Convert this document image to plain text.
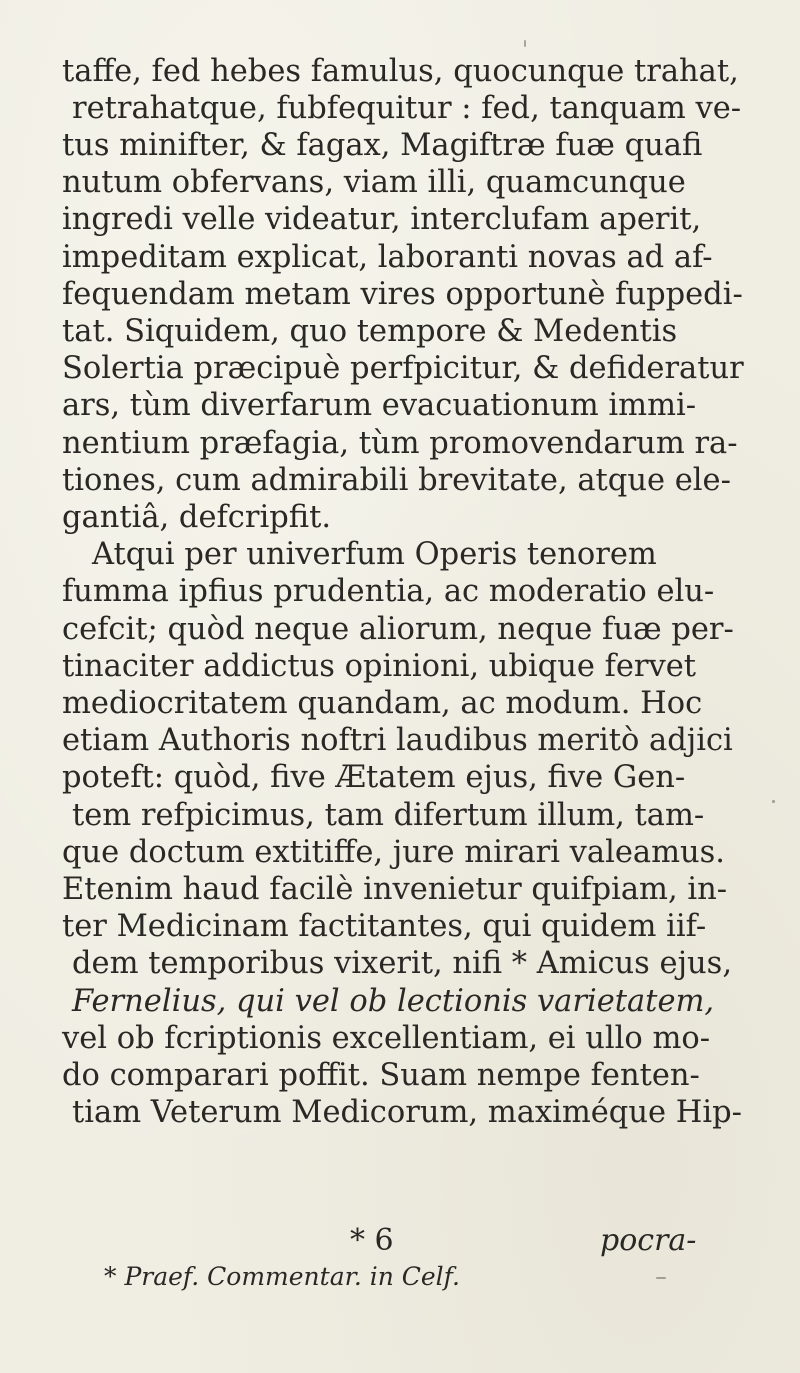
taffe, fed hebes famulus, quocunque trahat,
retrahatque, fubfequitur : fed, tanquam ve-
tus minifter, & fagax, Magiftræ fuæ quafi
nutum obfervans, viam illi, quamcunque
ingredi velle videatur, interclufam aperit,
impeditam explicat, laboranti novas ad af-
fequendam metam vires opportunè fuppedi-
tat. Siquidem, quo tempore & Medentis
Solertia præcipuè perfpicitur, & defideratur
ars, tùm diverfarum evacuationum immi-
nentium præfagia, tùm promovendarum ra-
tiones, cum admirabili brevitate, atque ele-
gantiâ, defcripfit.
Atqui per univerfum Operis tenorem
fumma ipfius prudentia, ac moderatio elu-
cefcit; quòd neque aliorum, neque fuæ per-
tinaciter addictus opinioni, ubique fervet
mediocritatem quandam, ac modum. Hoc
etiam Authoris noftri laudibus meritò adjici
poteft: quòd, five Ætatem ejus, five Gen-
tem refpicimus, tam difertum illum, tam-
que doctum extitiffe, jure mirari valeamus.
Etenim haud facilè invenietur quifpiam, in-
ter Medicinam factitantes, qui quidem iif-
dem temporibus vixerit, nifi * Amicus ejus,
Fernelius, qui vel ob lectionis varietatem,
vel ob fcriptionis excellentiam, ei ullo mo-
do comparari poffit. Suam nempe fenten-
tiam Veterum Medicorum, maximéque Hip-
* 6	pocra-
* Praef. Commentar. in Celf.
